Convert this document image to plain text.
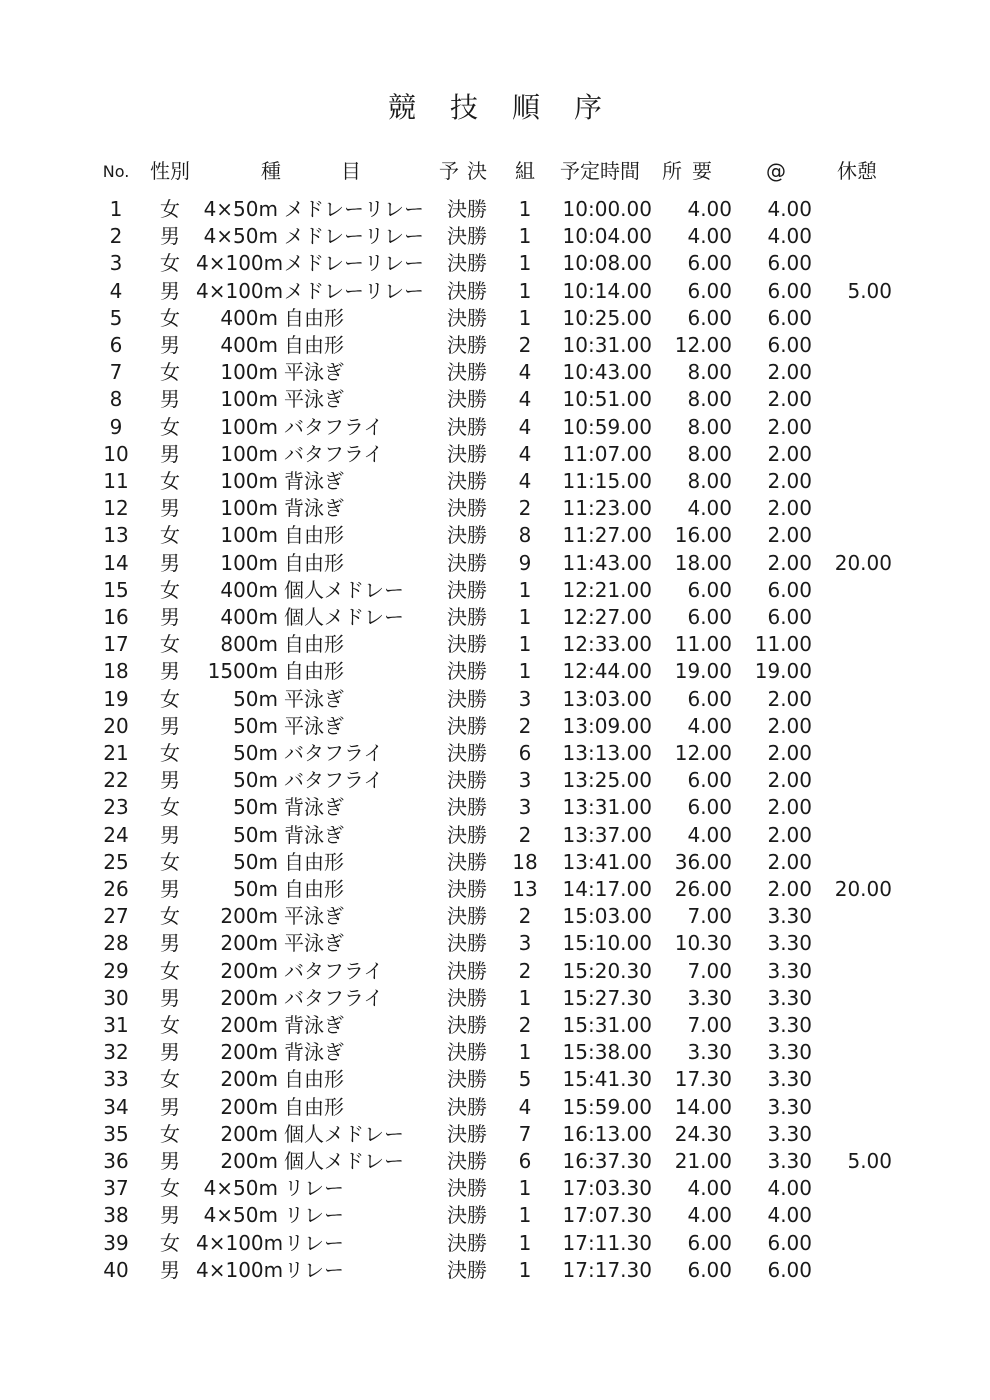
競技順序
No.	性別	種目 予決	組	予定時間	所要	@	休憩
1	女	4×50m メドレーリレー	決勝	1	10:00.00	4.00	4.00
2	男	4×50m メドレーリレー	決勝	1	10:04.00	4.00	4.00
3	女 4×100mメドレーリレー	決勝	1	10:08.00	6.00	6.00
4	男 4×100mメドレーリレー	決勝	1	10:14.00	6.00	6.00	5.00
5	女	400m 自由形	決勝	1	10:25.00	6.00	6.00
6	男	400m 自由形	決勝	2	10:31.00	12.00	6.00
7	女	100m 平泳ぎ	決勝	4	10:43.00	8.00	2.00
8	男	100m 平泳ぎ	決勝	4	10:51.00	8.00	2.00
9	女	100m バタフライ	決勝	4	10:59.00	8.00	2.00
10	男	100m バタフライ	決勝	4	11:07.00	8.00	2.00
11	女	100m 背泳ぎ	決勝	4	11:15.00	8.00	2.00
12	男	100m 背泳ぎ	決勝	2	11:23.00	4.00	2.00
13	女	100m 自由形	決勝	8	11:27.00	16.00	2.00
14	男	100m 自由形	決勝	9	11:43.00	18.00	2.00	20.00
15	女	400m 個人メドレー	決勝	1	12:21.00	6.00	6.00
16	男	400m 個人メドレー	決勝	1	12:27.00	6.00	6.00
17	女	800m 自由形	決勝	1	12:33.00	11.00	11.00
18	男	1500m 自由形	決勝	1	12:44.00	19.00	19.00
19	女	50m 平泳ぎ	決勝	3	13:03.00	6.00	2.00
20	男	50m 平泳ぎ	決勝	2	13:09.00	4.00	2.00
21	女	50m バタフライ	決勝	6	13:13.00	12.00	2.00
22	男	50m バタフライ	決勝	3	13:25.00	6.00	2.00
23	女	50m 背泳ぎ	決勝	3	13:31.00	6.00	2.00
24	男	50m 背泳ぎ	決勝	2	13:37.00	4.00	2.00
25	女	50m 自由形	決勝	18	13:41.00	36.00	2.00
26	男	50m 自由形	決勝	13	14:17.00	26.00	2.00	20.00
27	女	200m 平泳ぎ	決勝	2	15:03.00	7.00	3.30
28	男	200m 平泳ぎ	決勝	3	15:10.00	10.30	3.30
29	女	200m バタフライ	決勝	2	15:20.30	7.00	3.30
30	男	200m バタフライ	決勝	1	15:27.30	3.30	3.30
31	女	200m 背泳ぎ	決勝	2	15:31.00	7.00	3.30
32	男	200m 背泳ぎ	決勝	1	15:38.00	3.30	3.30
33	女	200m 自由形	決勝	5	15:41.30	17.30	3.30
34	男	200m 自由形	決勝	4	15:59.00	14.00	3.30
35	女	200m 個人メドレー	決勝	7	16:13.00	24.30	3.30
36	男	200m 個人メドレー	決勝	6	16:37.30	21.00	3.30	5.00
37	女	4×50m リレー	決勝	1	17:03.30	4.00	4.00
38	男	4×50m リレー	決勝	1	17:07.30	4.00	4.00
39	女 4×100mリレー	決勝	1	17:11.30	6.00	6.00
40	男 4×100mリレー	決勝	1	17:17.30	6.00	6.00
